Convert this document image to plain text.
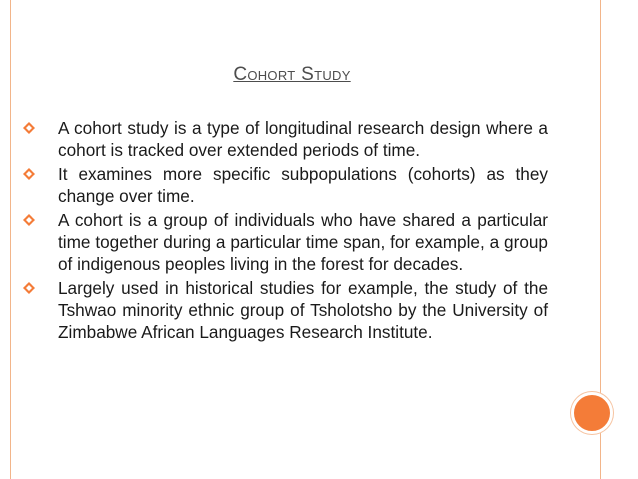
Cohort Study
A cohort study is a type of longitudinal research design where a cohort is tracked over extended periods of time.
It examines more specific subpopulations (cohorts) as they change over time.
A cohort is a group of individuals who have shared a particular time together during a particular time span, for example, a group of indigenous peoples living in the forest for decades.
Largely used in historical studies for example, the study of the Tshwao minority ethnic group of Tsholotsho by the University of Zimbabwe African Languages Research Institute.
